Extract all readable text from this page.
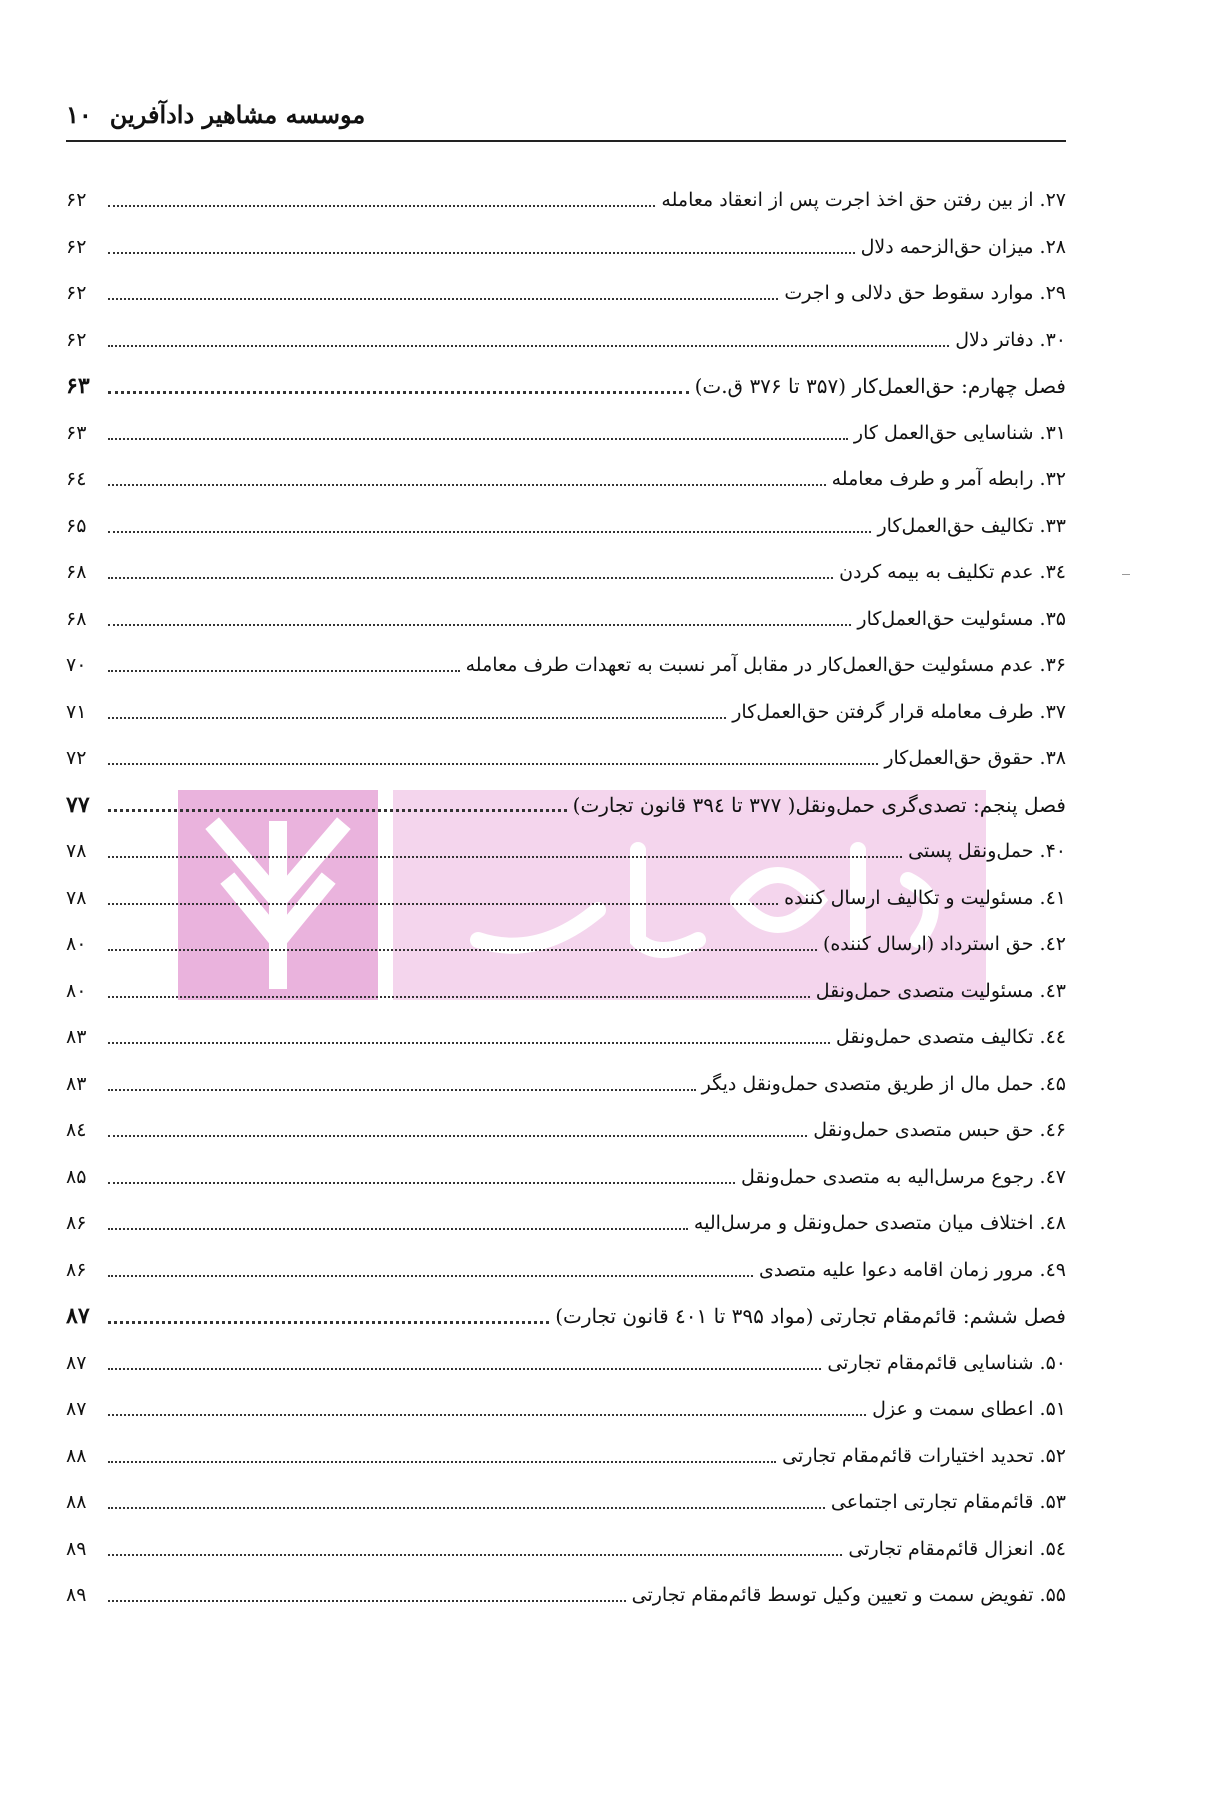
۱۰ موسسه مشاهیر دادآفرین
۲۷. از بین رفتن حق اخذ اجرت پس از انعقاد معامله
۶۲
۲۸. میزان حق‌الزحمه دلال
۶۲
۲۹. موارد سقوط حق دلالی و اجرت
۶۲
۳۰. دفاتر دلال
۶۲
فصل چهارم: حق‌العمل‌کار (۳۵۷ تا ۳۷۶ ق.ت)
۶۳
۳۱. شناسایی حق‌العمل کار
۶۳
۳۲. رابطه آمر و طرف معامله
۶٤
۳۳. تکالیف حق‌العمل‌کار
۶۵
۳٤. عدم تکلیف به بیمه کردن
۶۸
۳۵. مسئولیت حق‌العمل‌کار
۶۸
۳۶. عدم مسئولیت حق‌العمل‌کار در مقابل آمر نسبت به تعهدات طرف معامله
۷۰
۳۷. طرف معامله قرار گرفتن حق‌العمل‌کار
۷۱
۳۸. حقوق حق‌العمل‌کار
۷۲
فصل پنجم: تصدی‌گری حمل‌ونقل( ۳۷۷ تا ۳۹٤ قانون تجارت)
۷۷
۴۰. حمل‌ونقل پستی
۷۸
٤۱. مسئولیت و تکالیف ارسال کننده
۷۸
٤۲. حق استرداد (ارسال کننده)
۸۰
٤۳. مسئولیت متصدی حمل‌ونقل
۸۰
٤٤. تکالیف متصدی حمل‌ونقل
۸۳
٤۵. حمل مال از طریق متصدی حمل‌ونقل دیگر
۸۳
٤۶. حق حبس متصدی حمل‌ونقل
۸٤
٤۷. رجوع مرسل‌الیه به متصدی حمل‌ونقل
۸۵
٤۸. اختلاف میان متصدی حمل‌ونقل و مرسل‌الیه
۸۶
٤۹. مرور زمان اقامه دعوا علیه متصدی
۸۶
فصل ششم: قائم‌مقام تجارتی (مواد ۳۹۵ تا ٤۰۱ قانون تجارت)
۸۷
۵۰. شناسایی قائم‌مقام تجارتی
۸۷
۵۱. اعطای سمت و عزل
۸۷
۵۲. تحدید اختیارات قائم‌مقام تجارتی
۸۸
۵۳. قائم‌مقام تجارتی اجتماعی
۸۸
۵٤. انعزال قائم‌مقام تجارتی
۸۹
۵۵. تفویض سمت و تعیین وکیل توسط قائم‌مقام تجارتی
۸۹
